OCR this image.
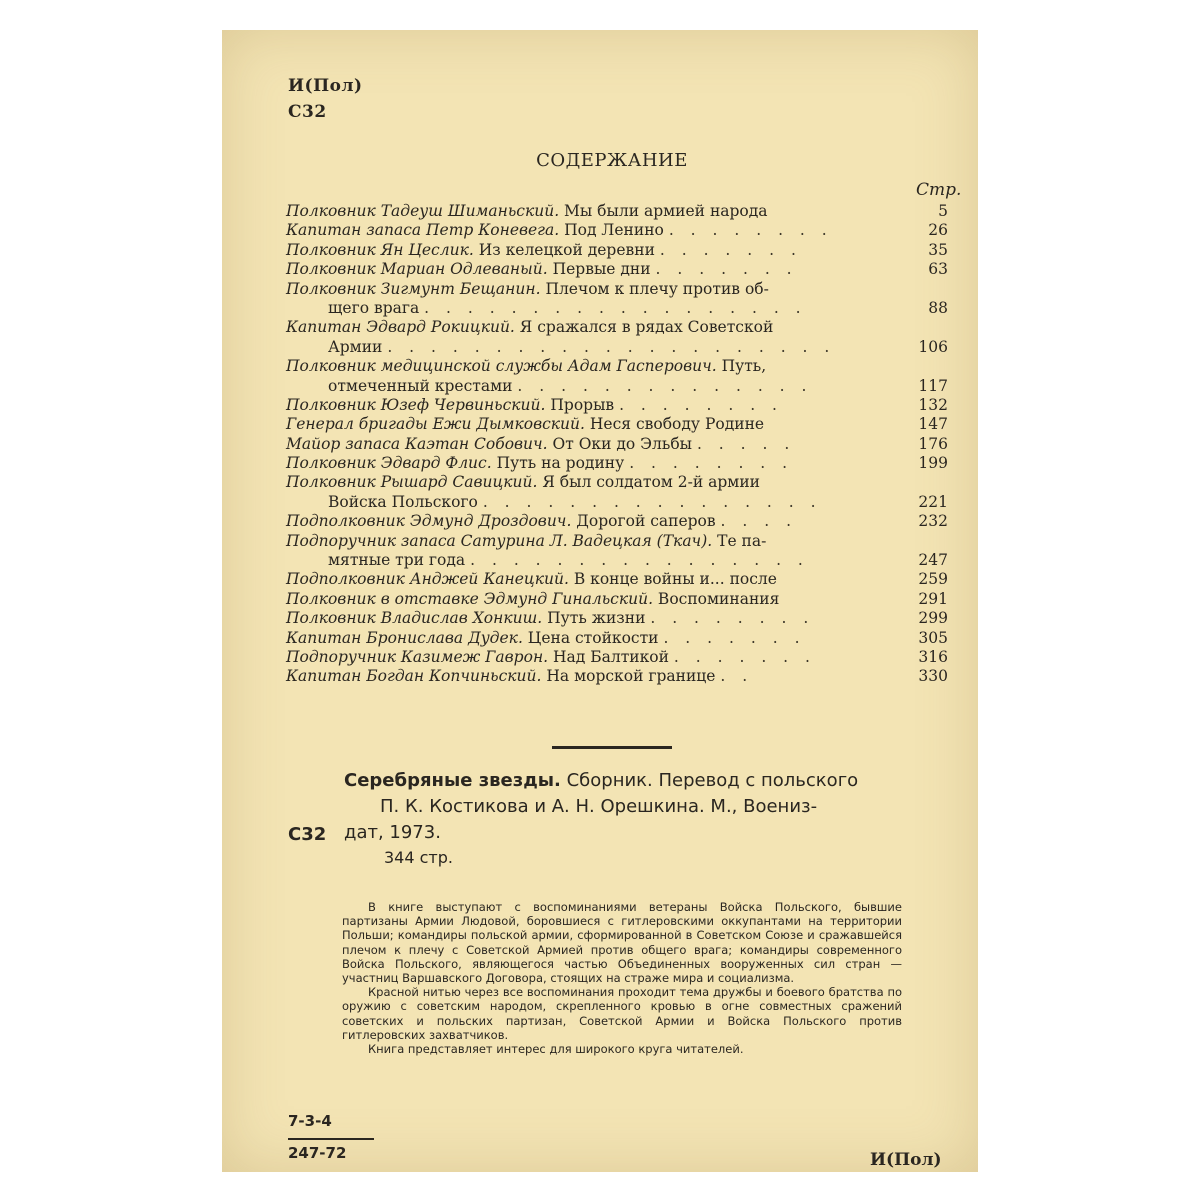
И(Пол)
С32
СОДЕРЖАНИЕ
Стр.
Полковник Тадеуш Шиманьский. Мы были армией народа	5
Капитан запаса Петр Коневега. Под Ленино . . . . . . . .	26
Полковник Ян Цеслик. Из келецкой деревни . . . . . . .	35
Полковник Мариан Одлеваный. Первые дни . . . . . . .	63
Полковник Зигмунт Бещанин. Плечом к плечу против об-
щего врага . . . . . . . . . . . . . . . . . .	88
Капитан Эдвард Рокицкий. Я сражался в рядах Советской
Армии . . . . . . . . . . . . . . . . . . . . .	106
Полковник медицинской службы Адам Гасперович. Путь,
отмеченный крестами . . . . . . . . . . . . . .	117
Полковник Юзеф Червиньский. Прорыв . . . . . . . .	132
Генерал бригады Ежи Дымковский. Неся свободу Родине	147
Майор запаса Каэтан Собович. От Оки до Эльбы . . . . .	176
Полковник Эдвард Флис. Путь на родину . . . . . . . .	199
Полковник Рышард Савицкий. Я был солдатом 2-й армии
Войска Польского . . . . . . . . . . . . . . . .	221
Подполковник Эдмунд Дроздович. Дорогой саперов . . . .	232
Подпоручник запаса Сатурина Л. Вадецкая (Ткач). Те па-
мятные три года . . . . . . . . . . . . . . . .	247
Подполковник Анджей Канецкий. В конце войны и... после	259
Полковник в отставке Эдмунд Гинальский. Воспоминания	291
Полковник Владислав Хонкиш. Путь жизни . . . . . . . .	299
Капитан Брониcлава Дудек. Цена стойкости . . . . . . .	305
Подпоручник Казимеж Гаврон. Над Балтикой . . . . . . .	316
Капитан Богдан Копчиньский. На морской границе . .	330
С32
Серебряные звезды. Сборник. Перевод с польского
П. К. Костикова и А. Н. Орешкина. М., Воениз-
дат, 1973.
344 стр.

В книге выступают с воспоминаниями ветераны Войска Польского, бывшие партизаны Армии Людовой, боровшиеся с гитлеровскими оккупантами на территории Польши; командиры польской армии, сформированной в Советском Союзе и сражавшейся плечом к плечу с Советской Армией против общего врага; командиры современного Войска Польского, являющегося частью Объединенных вооруженных сил стран — участниц Варшавского Договора, стоящих на страже мира и социализма.

Красной нитью через все воспоминания проходит тема дружбы и боевого братства по оружию с советским народом, скрепленного кровью в огне совместных сражений советских и польских партизан, Советской Армии и Войска Польского против гитлеровских захватчиков.

Книга представляет интерес для широкого круга читателей.

7-3-4
247-72	И(Пол)
